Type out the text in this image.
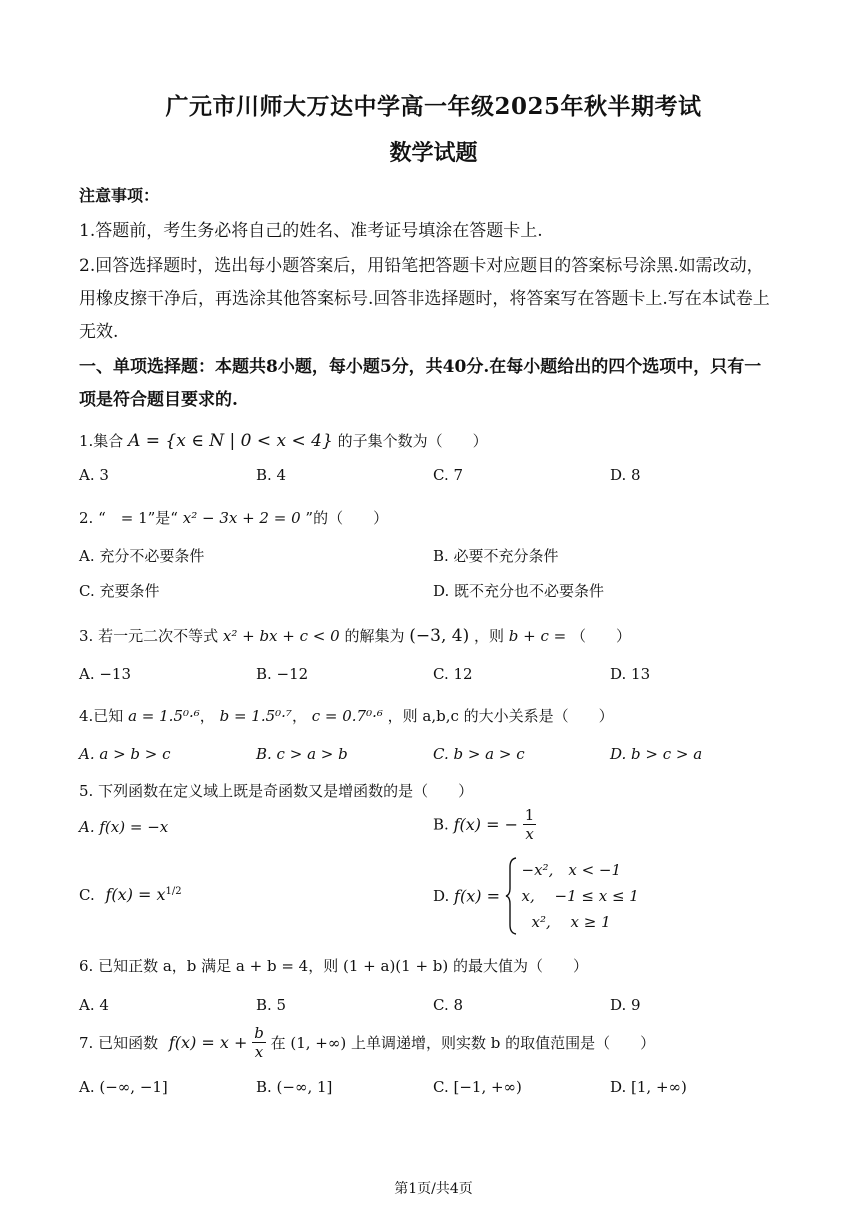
广元市川师大万达中学高一年级2025年秋半期考试
数学试题
注意事项：
1.答题前，考生务必将自己的姓名、准考证号填涂在答题卡上.
2.回答选择题时，选出每小题答案后，用铅笔把答题卡对应题目的答案标号涂黑.如需改动，
用橡皮擦干净后，再选涂其他答案标号.回答非选择题时，将答案写在答题卡上.写在本试卷上
无效.
一、单项选择题：本题共8小题，每小题5分，共40分.在每小题给出的四个选项中，只有一
项是符合题目要求的.
1.集合 A = {x ∈ N | 0 < x < 4} 的子集个数为（　　）
A. 3	B. 4	C. 7	D. 8
2. “　= 1”是“ x² − 3x + 2 = 0 ”的（　　）
A. 充分不必要条件	B. 必要不充分条件
C. 充要条件	D. 既不充分也不必要条件
3. 若一元二次不等式 x² + bx + c < 0 的解集为 (−3, 4) ，则 b + c = （　　）
A. −13	B. −12	C. 12	D. 13
4.已知 a = 1.5⁰·⁶， b = 1.5⁰·⁷， c = 0.7⁰·⁶ ，则 a,b,c 的大小关系是（　　）
A. a > b > c	B. c > a > b	C. b > a > c	D. b > c > a
5. 下列函数在定义域上既是奇函数又是增函数的是（　　）
A. f(x) = −x	B. f(x) = − $\frac{1}{x}$
C. $f(x) = x^{1/2}$	D. f(x) =
−x²,　x < −1
x,　 −1 ≤ x ≤ 1
x²,　 x ≥ 1
6. 已知正数 a，b 满足 a + b = 4，则 (1 + a)(1 + b) 的最大值为（　　）
A. 4	B. 5	C. 8	D. 9
7. 已知函数 $f(x) = x + \frac{b}{x}$ 在 (1, +∞) 上单调递增，则实数 b 的取值范围是（　　）
A. (−∞, −1]	B. (−∞, 1]	C. [−1, +∞)	D. [1, +∞)
第1页/共4页
